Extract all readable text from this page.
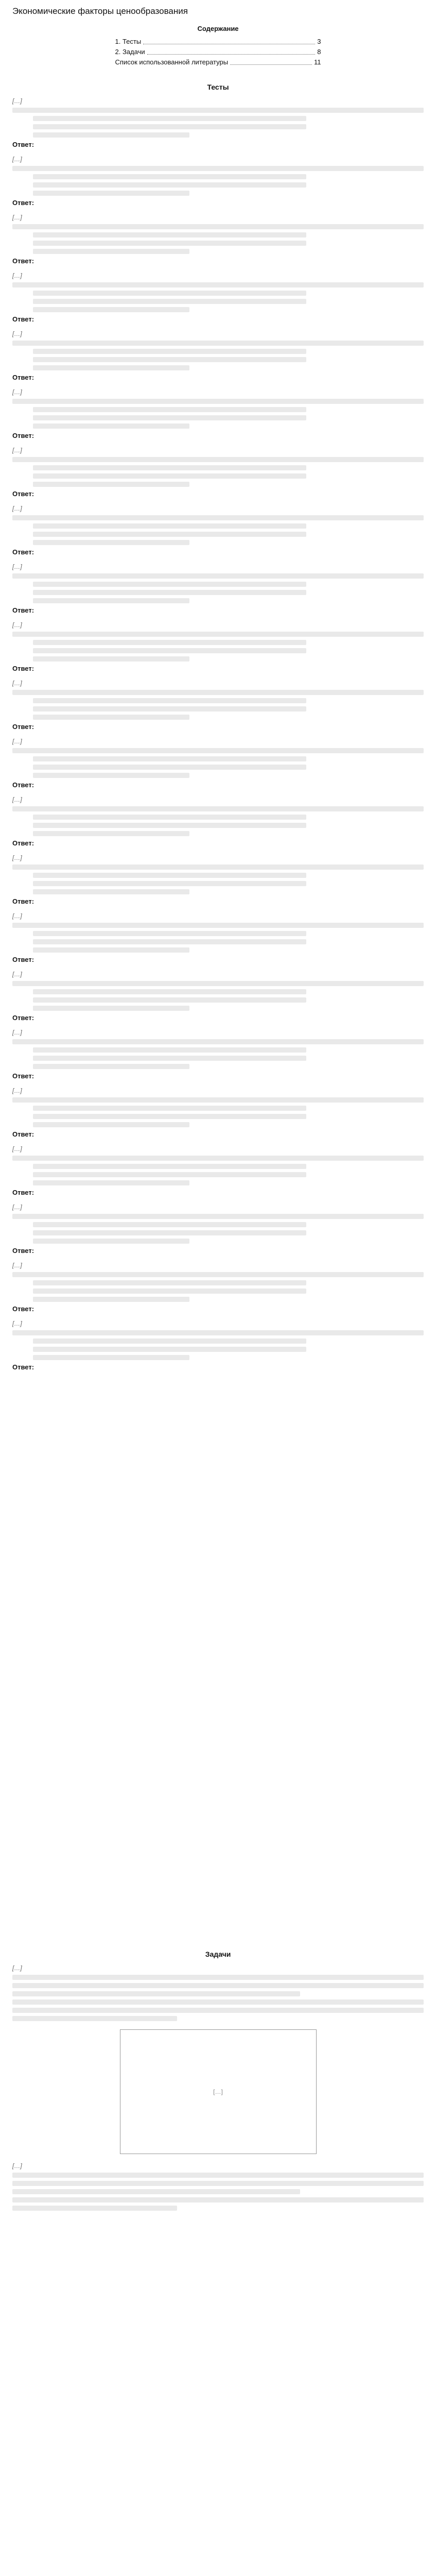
Экономические факторы ценообразования
Содержание
1. Тесты	3
2. Задачи	8
Список использованной литературы	11
Тесты
[…]
Ответ:
[…]
Ответ:
[…]
Ответ:
[…]
Ответ:
[…]
Ответ:
[…]
Ответ:
[…]
Ответ:
[…]
Ответ:
[…]
Ответ:
[…]
Ответ:
[…]
Ответ:
[…]
Ответ:
[…]
Ответ:
[…]
Ответ:
[…]
Ответ:
[…]
Ответ:
[…]
Ответ:
[…]
Ответ:
[…]
Ответ:
[…]
Ответ:
[…]
Ответ:
[…]
Ответ:
Задачи
[…]
[…]
[…]
